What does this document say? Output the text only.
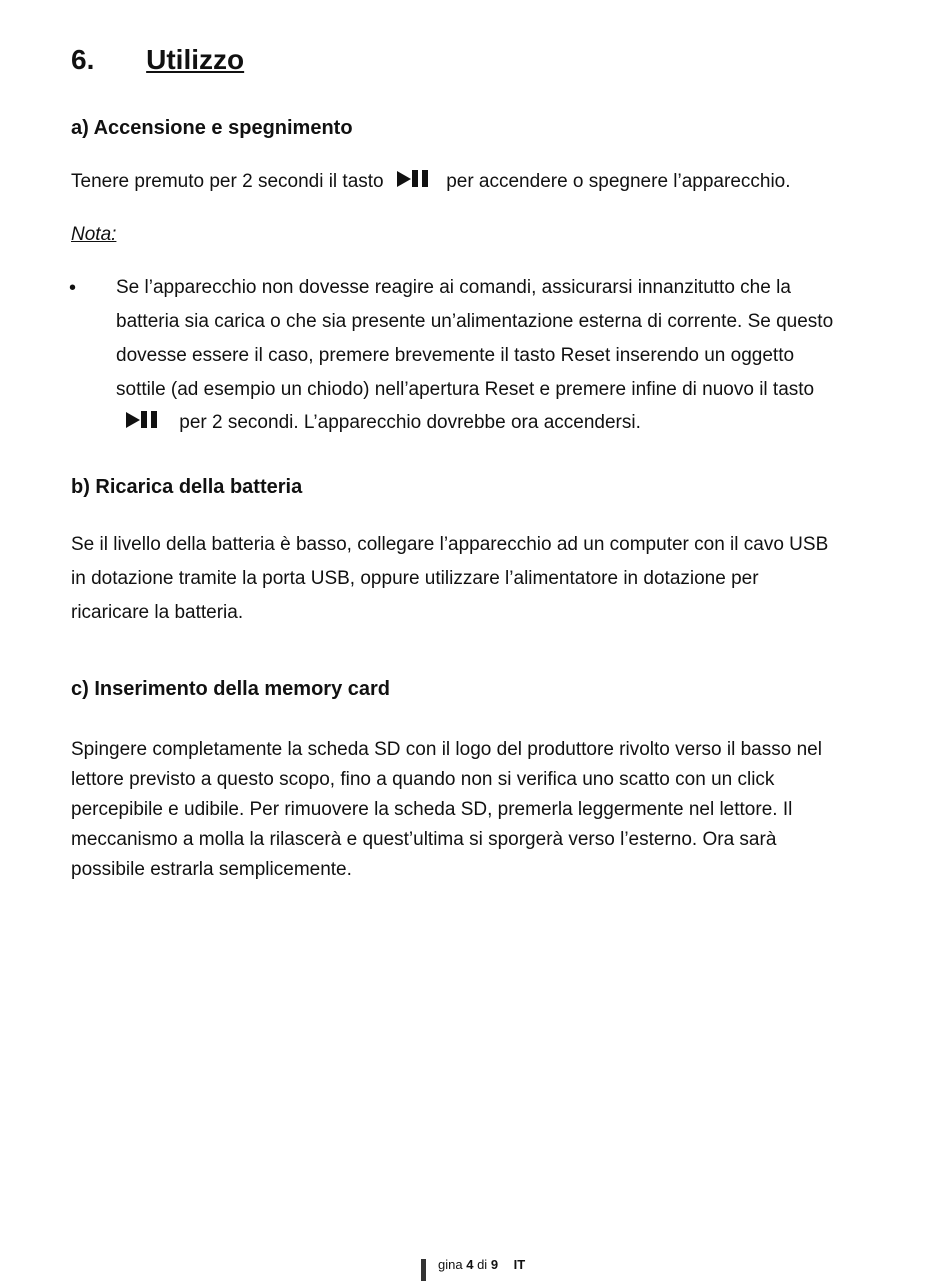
6. Utilizzo
a) Accensione e spegnimento
Tenere premuto per 2 secondi il tasto	per accendere o spegnere l’apparecchio.
Nota:
• Se l’apparecchio non dovesse reagire ai comandi, assicurarsi innanzitutto che la
batteria sia carica o che sia presente un’alimentazione esterna di corrente. Se questo
dovesse essere il caso, premere brevemente il tasto Reset inserendo un oggetto
sottile (ad esempio un chiodo) nell’apertura Reset e premere infine di nuovo il tasto
per 2 secondi. L’apparecchio dovrebbe ora accendersi.
b) Ricarica della batteria
Se il livello della batteria è basso, collegare l’apparecchio ad un computer con il cavo USB
in dotazione tramite la porta USB, oppure utilizzare l’alimentatore in dotazione per
ricaricare la batteria.
c) Inserimento della memory card
Spingere completamente la scheda SD con il logo del produttore rivolto verso il basso nel
lettore previsto a questo scopo, fino a quando non si verifica uno scatto con un click
percepibile e udibile. Per rimuovere la scheda SD, premerla leggermente nel lettore. Il
meccanismo a molla la rilascerà e quest’ultima si sporgerà verso l’esterno. Ora sarà
possibile estrarla semplicemente.
gina 4 di 9 IT
